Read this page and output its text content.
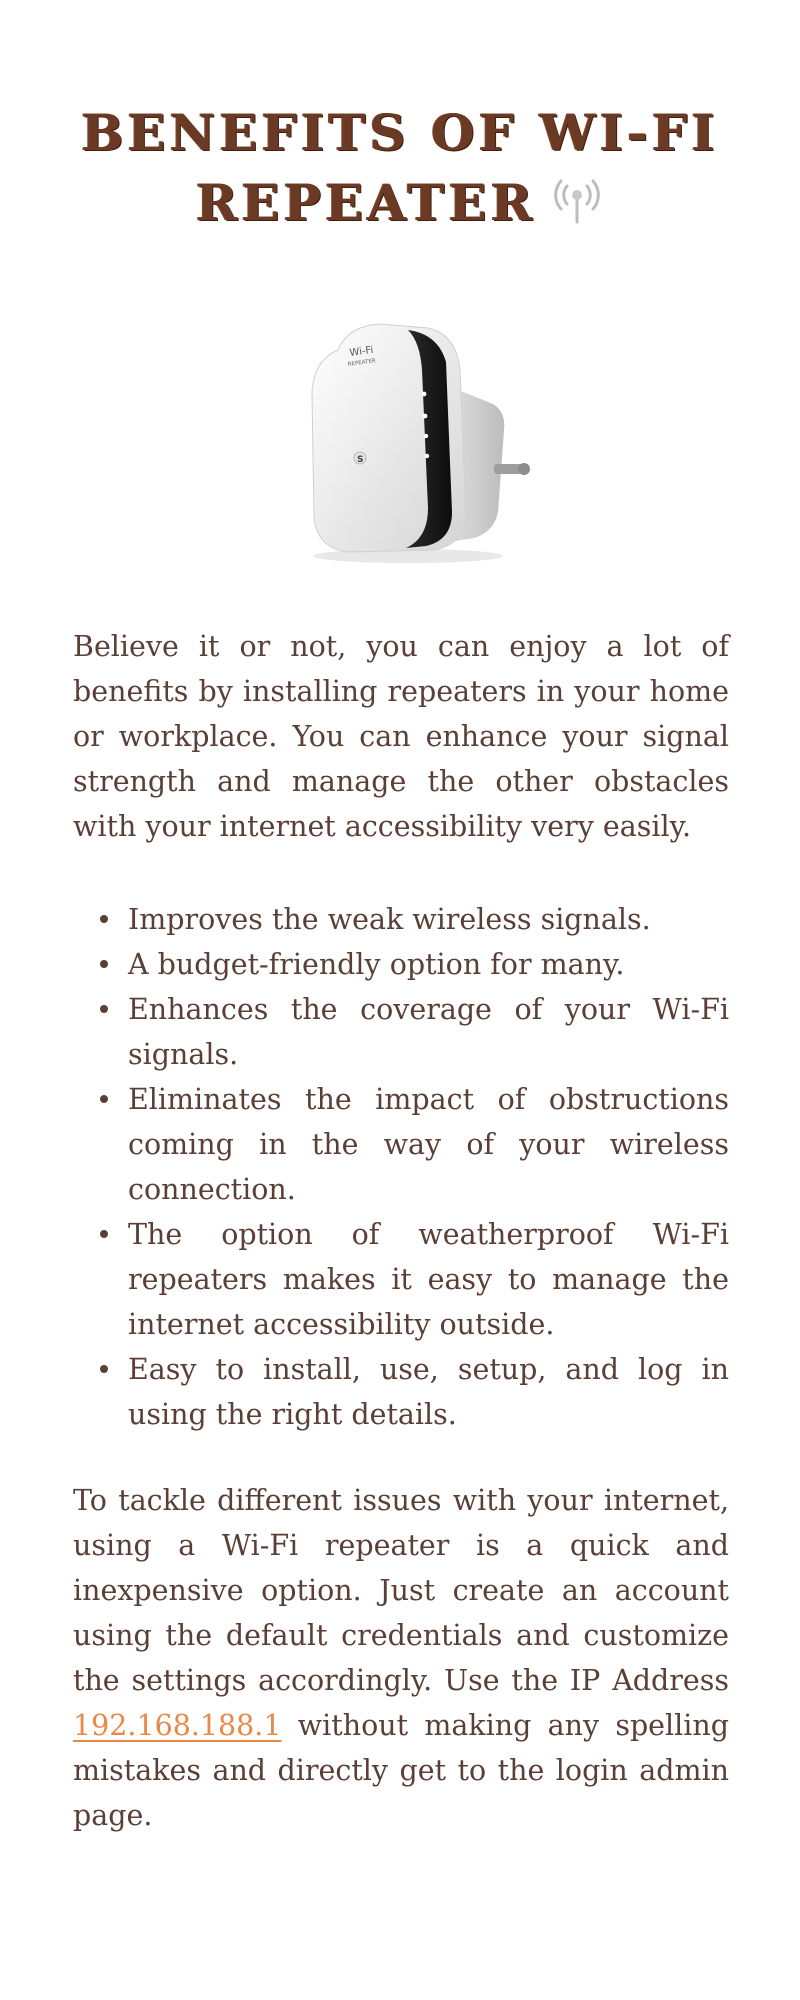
BENEFITS OF WI-FI
REPEATER
Wi-Fi
REPEATER
S

Believe it or not, you can enjoy a lot of benefits by installing repeaters in your home or workplace. You can enhance your signal strength and manage the other obstacles with your internet accessibility very easily.

Improves the weak wireless signals.
A budget-friendly option for many.
Enhances the coverage of your Wi-Fi signals.
Eliminates the impact of obstructions coming in the way of your wireless connection.
The option of weatherproof Wi-Fi repeaters makes it easy to manage the internet accessibility outside.
Easy to install, use, setup, and log in using the right details.

To tackle different issues with your internet, using a Wi-Fi repeater is a quick and inexpensive option. Just create an account using the default credentials and customize the settings accordingly. Use the IP Address 192.168.188.1 without making any spelling mistakes and directly get to the login admin page.
